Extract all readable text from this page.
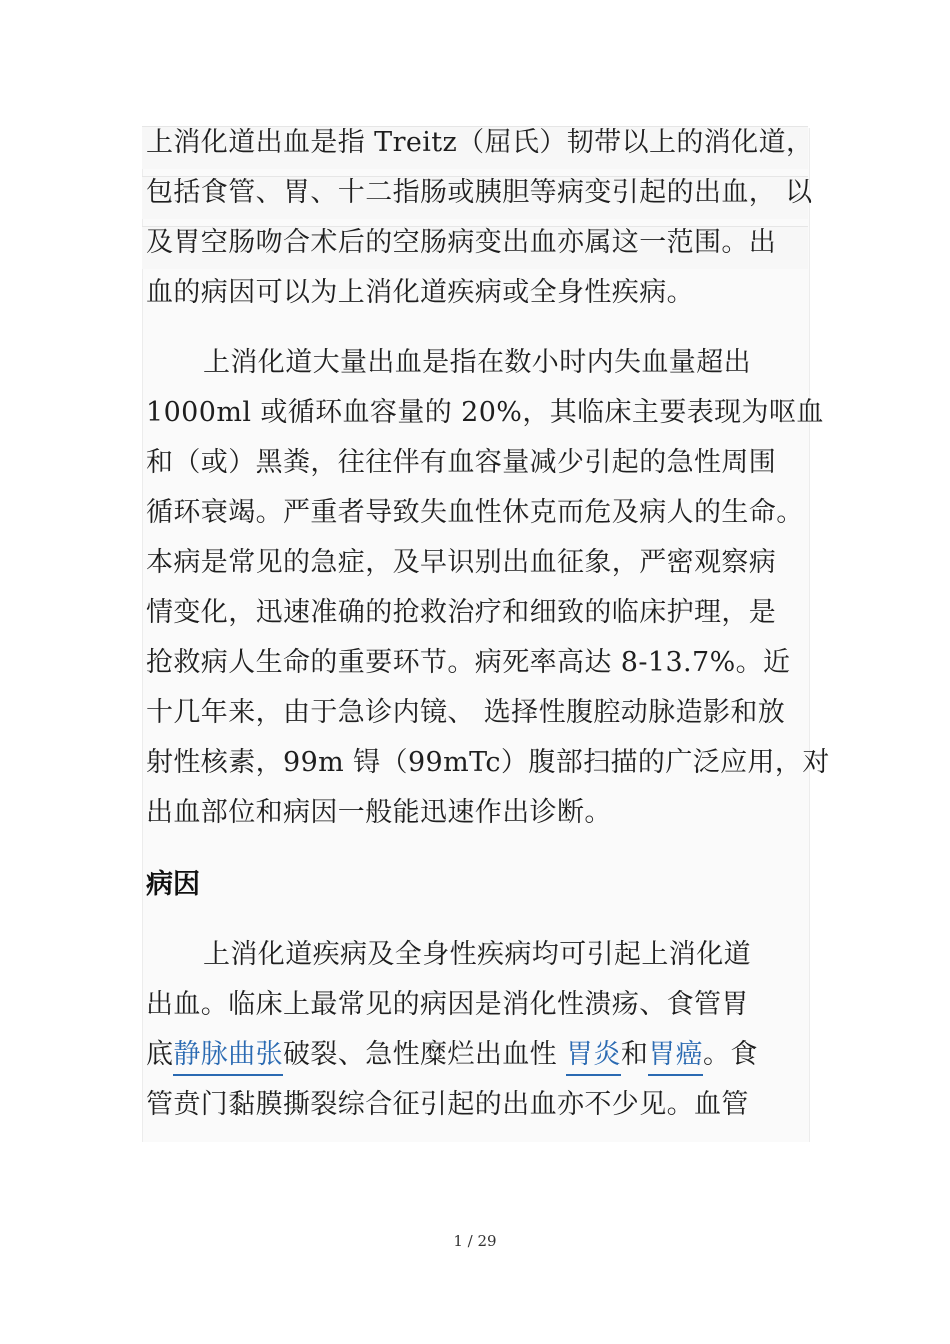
上消化道出血是指 Treitz（屈氏）韧带以上的消化道，
包括食管、胃、十二指肠或胰胆等病变引起的出血， 以
及胃空肠吻合术后的空肠病变出血亦属这一范围。出
血的病因可以为上消化道疾病或全身性疾病。
上消化道大量出血是指在数小时内失血量超出
1000ml 或循环血容量的 20%，其临床主要表现为呕血
和（或）黑粪，往往伴有血容量减少引起的急性周围
循环衰竭。严重者导致失血性休克而危及病人的生命。
本病是常见的急症，及早识别出血征象，严密观察病
情变化，迅速准确的抢救治疗和细致的临床护理，是
抢救病人生命的重要环节。病死率高达 8-13.7%。近
十几年来，由于急诊内镜、 选择性腹腔动脉造影和放
射性核素，99m 锝（99mTc）腹部扫描的广泛应用，对
出血部位和病因一般能迅速作出诊断。
病因
上消化道疾病及全身性疾病均可引起上消化道
出血。临床上最常见的病因是消化性溃疡、食管胃
底静脉曲张破裂、急性糜烂出血性 胃炎和胃癌。食
管贲门黏膜撕裂综合征引起的出血亦不少见。血管
1 / 29
